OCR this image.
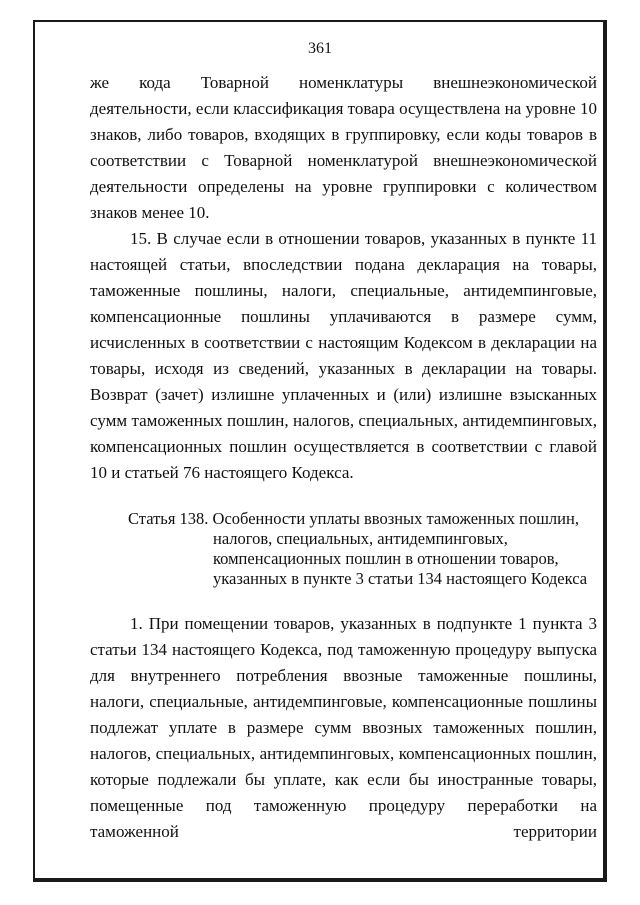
361

же кода Товарной номенклатуры внешнеэкономической деятельности, если классификация товара осуществлена на уровне 10 знаков, либо товаров, входящих в группировку, если коды товаров в соответствии с Товарной номенклатурой внешнеэкономической деятельности определены на уровне группировки с количеством знаков менее 10.

15. В случае если в отношении товаров, указанных в пункте 11 настоящей статьи, впоследствии подана декларация на товары, таможенные пошлины, налоги, специальные, антидемпинговые, компенсационные пошлины уплачиваются в размере сумм, исчисленных в соответствии с настоящим Кодексом в декларации на товары, исходя из сведений, указанных в декларации на товары. Возврат (зачет) излишне уплаченных и (или) излишне взысканных сумм таможенных пошлин, налогов, специальных, антидемпинговых, компенсационных пошлин осуществляется в соответствии с главой 10 и статьей 76 настоящего Кодекса.

Статья 138. Особенности уплаты ввозных таможенных пошлин,
налогов, специальных, антидемпинговых,
компенсационных пошлин в отношении товаров,
указанных в пункте 3 статьи 134 настоящего Кодекса

1. При помещении товаров, указанных в подпункте 1 пункта 3 статьи 134 настоящего Кодекса, под таможенную процедуру выпуска для внутреннего потребления ввозные таможенные пошлины, налоги, специальные, антидемпинговые, компенсационные пошлины подлежат уплате в размере сумм ввозных таможенных пошлин, налогов, специальных, антидемпинговых, компенсационных пошлин, которые подлежали бы уплате, как если бы иностранные товары, помещенные под таможенную процедуру переработки на таможенной территории
